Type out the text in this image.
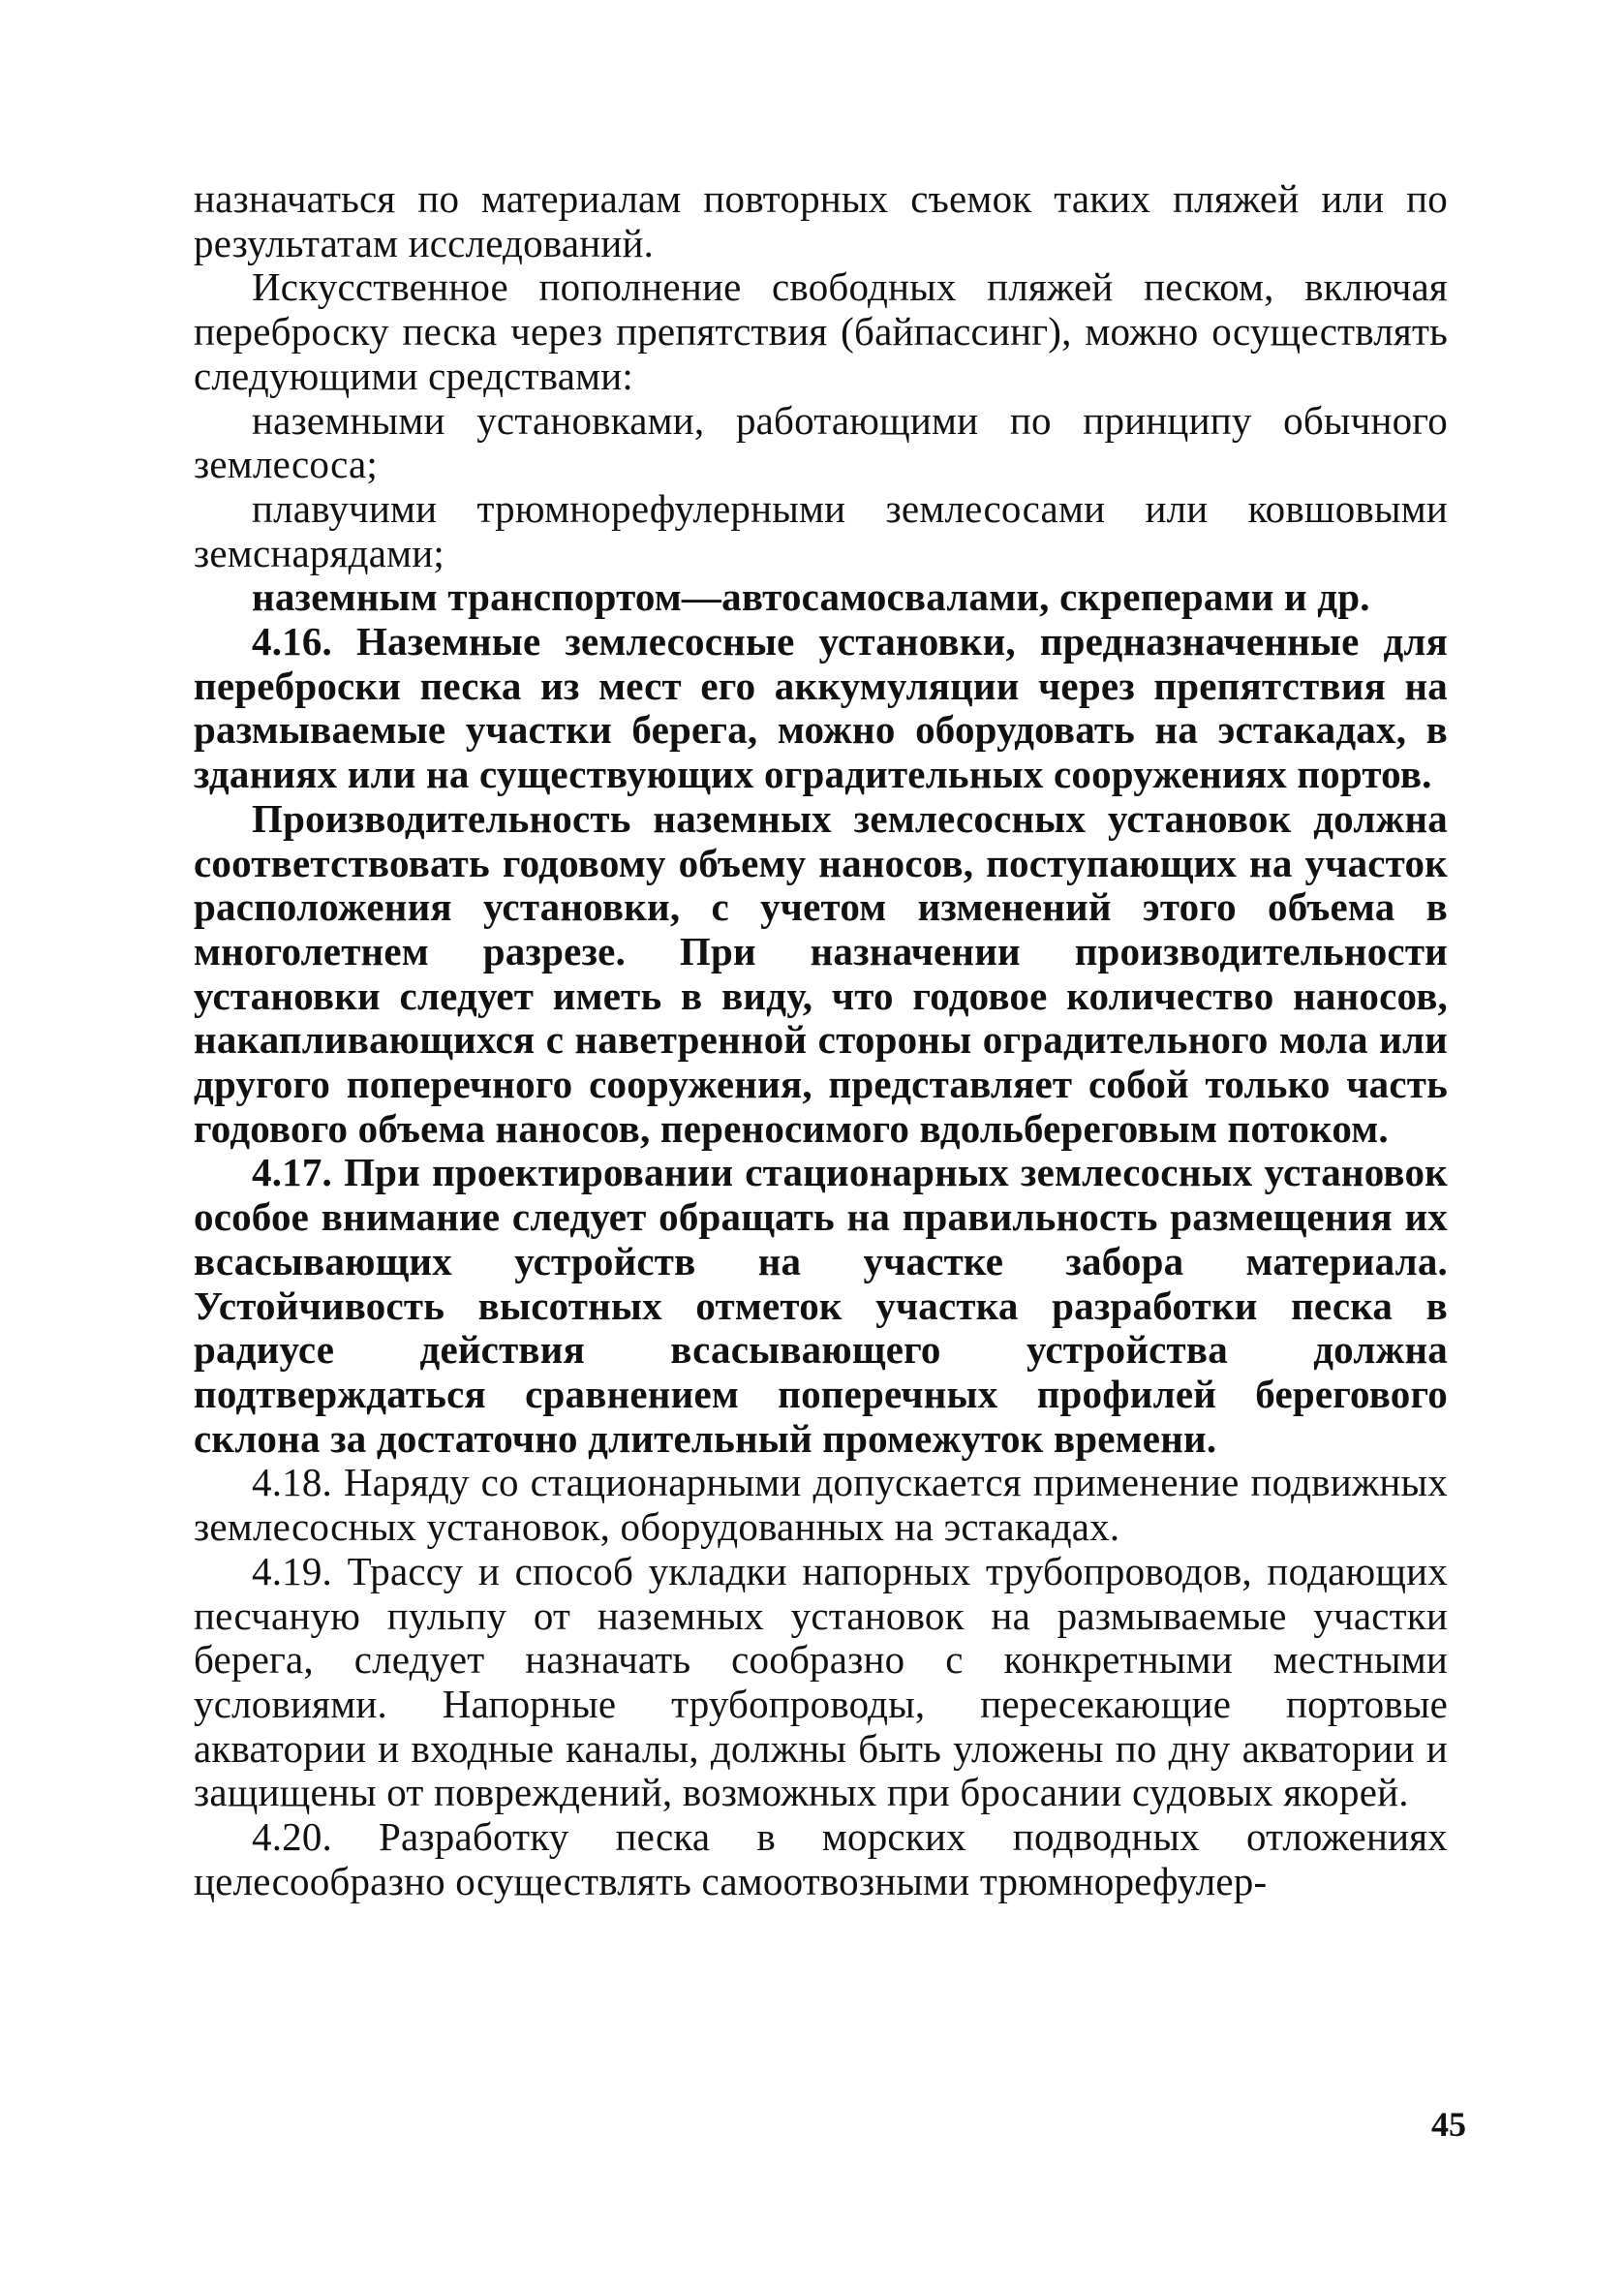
назначаться по материалам повторных съемок таких пляжей или по результатам исследований.

Искусственное пополнение свободных пляжей песком, включая переброску песка через препятствия (байпассинг), можно осуществлять следующими средствами:

наземными установками, работающими по принципу обычного землесоса;

плавучими трюмнорефулерными землесосами или ковшовыми земснарядами;

наземным транспортом—автосамосвалами, скреперами и др.

4.16. Наземные землесосные установки, предназначенные для переброски песка из мест его аккумуляции через препятствия на размываемые участки берега, можно оборудовать на эстакадах, в зданиях или на существующих оградительных сооружениях портов.

Производительность наземных землесосных установок должна соответствовать годовому объему наносов, поступающих на участок расположения установки, с учетом изменений этого объема в многолетнем разрезе. При назначении производительности установки следует иметь в виду, что годовое количество наносов, накапливающихся с наветренной стороны оградительного мола или другого поперечного сооружения, представляет собой только часть годового объема наносов, переносимого вдольбереговым потоком.

4.17. При проектировании стационарных землесосных установок особое внимание следует обращать на правильность размещения их всасывающих устройств на участке забора материала. Устойчивость высотных отметок участка разработки песка в радиусе действия всасывающего устройства должна подтверждаться сравнением поперечных профилей берегового склона за достаточно длительный промежуток времени.

4.18. Наряду со стационарными допускается применение подвижных землесосных установок, оборудованных на эстакадах.

4.19. Трассу и способ укладки напорных трубопроводов, подающих песчаную пульпу от наземных установок на размываемые участки берега, следует назначать сообразно с конкретными местными условиями. Напорные трубопроводы, пересекающие портовые акватории и входные каналы, должны быть уложены по дну акватории и защищены от повреждений, возможных при бросании судовых якорей.

4.20. Разработку песка в морских подводных отложениях целесообразно осуществлять самоотвозными трюмнорефулер-

45
